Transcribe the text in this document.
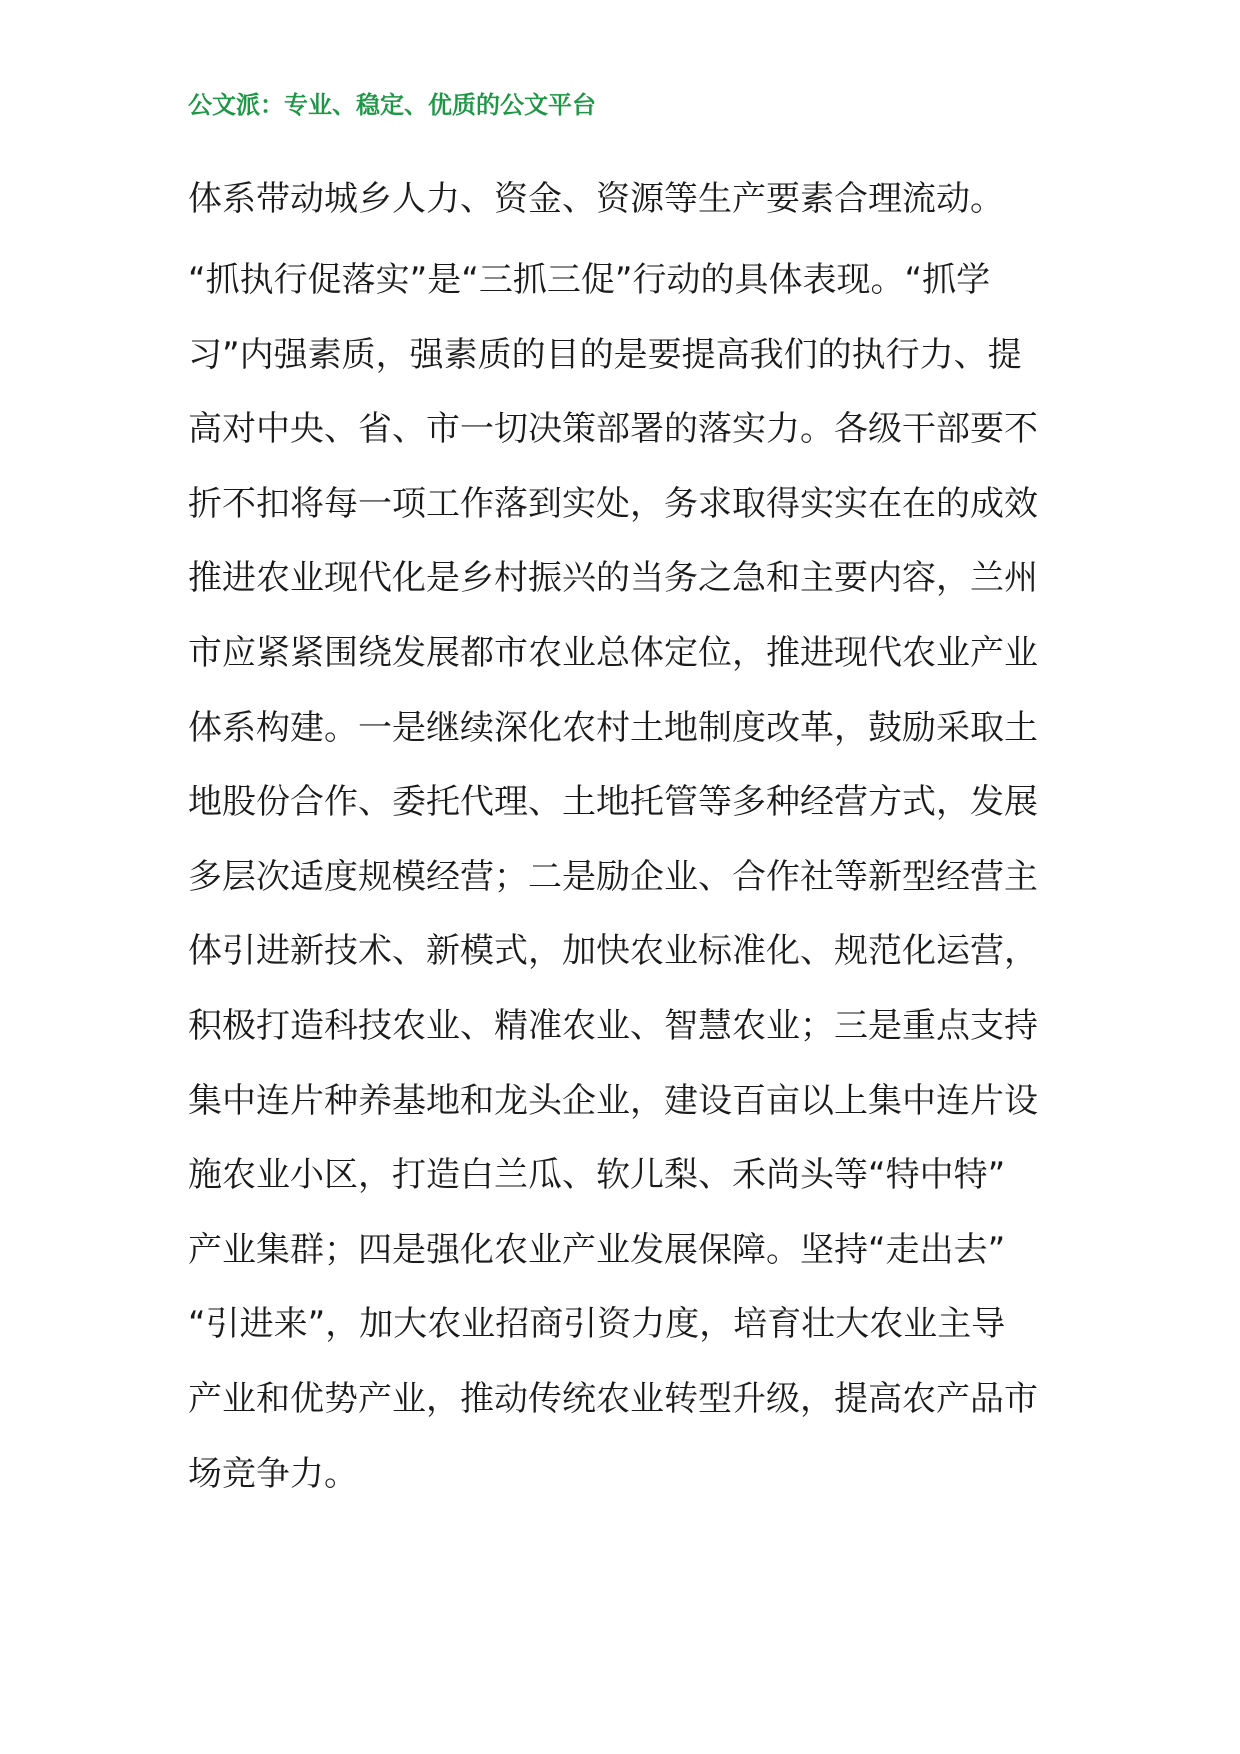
公文派：专业、稳定、优质的公文平台
体系带动城乡人力、资金、资源等生产要素合理流动。
“抓执行促落实”是“三抓三促”行动的具体表现。“抓学
习”内强素质，强素质的目的是要提高我们的执行力、提
高对中央、省、市一切决策部署的落实力。各级干部要不
折不扣将每一项工作落到实处，务求取得实实在在的成效
推进农业现代化是乡村振兴的当务之急和主要内容，兰州
市应紧紧围绕发展都市农业总体定位，推进现代农业产业
体系构建。一是继续深化农村土地制度改革，鼓励采取土
地股份合作、委托代理、土地托管等多种经营方式，发展
多层次适度规模经营；二是励企业、合作社等新型经营主
体引进新技术、新模式，加快农业标准化、规范化运营，
积极打造科技农业、精准农业、智慧农业；三是重点支持
集中连片种养基地和龙头企业，建设百亩以上集中连片设
施农业小区，打造白兰瓜、软儿梨、禾尚头等“特中特”
产业集群；四是强化农业产业发展保障。坚持“走出去”
“引进来”，加大农业招商引资力度，培育壮大农业主导
产业和优势产业，推动传统农业转型升级，提高农产品市
场竞争力。
